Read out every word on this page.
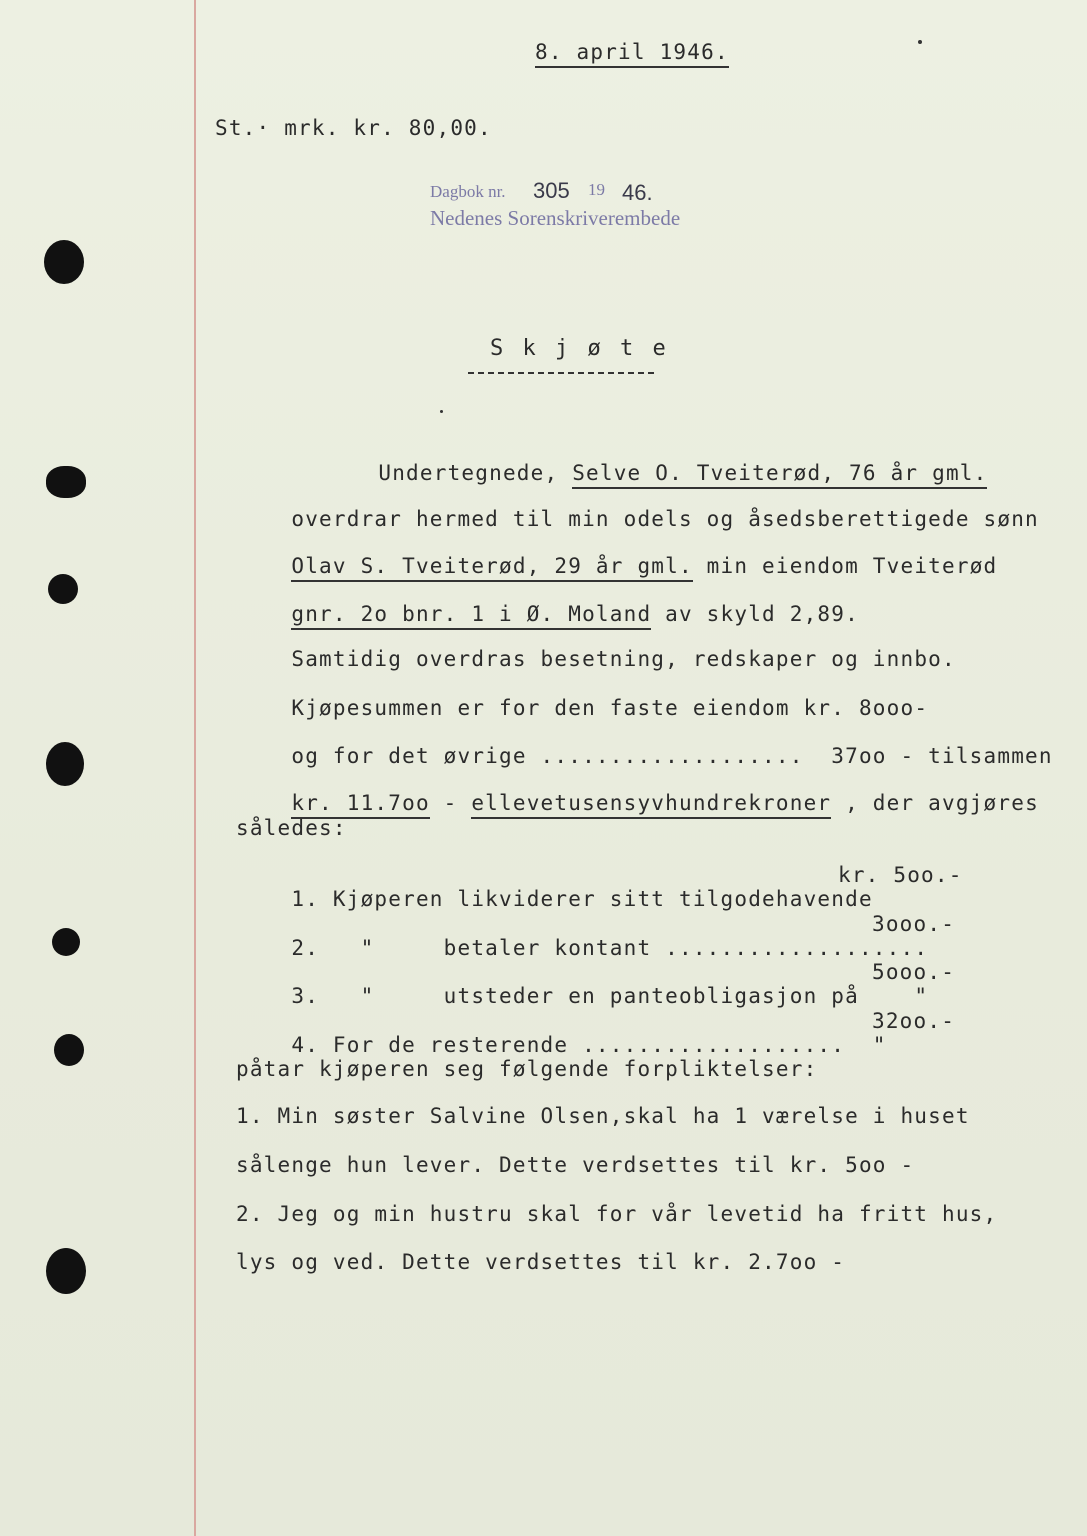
8. april 1946.
St.· mrk. kr. 80,00.
Dagbok nr. 305 19 46.
Nedenes Sorenskriverembede
S k j ø t e

Undertegnede, Selve O. Tveiterød, 76 år gml.

overdrar hermed til min odels og åsedsberettigede sønn

Olav S. Tveiterød, 29 år gml. min eiendom Tveiterød

gnr. 2o bnr. 1 i Ø. Moland av skyld 2,89.

Samtidig overdras besetning, redskaper og innbo.

Kjøpesummen er for den faste eiendom kr. 8ooo-

og for det øvrige ...................  37oo - tilsammen

kr. 11.7oo - ellevetusensyvhundrekroner , der avgjøres

således:

1. Kjøperen likviderer sitt tilgodehavende

kr. 5oo.-

2.   "     betaler kontant ...................

3ooo.-

3.   "     utsteder en panteobligasjon på    "

5ooo.-

4. For de resterende ...................  "

32oo.-
påtar kjøperen seg følgende forpliktelser:
1. Min søster Salvine Olsen,skal ha 1 værelse i huset
sålenge hun lever. Dette verdsettes til kr. 5oo -
2. Jeg og min hustru skal for vår levetid ha fritt hus,
lys og ved. Dette verdsettes til kr. 2.7oo -
